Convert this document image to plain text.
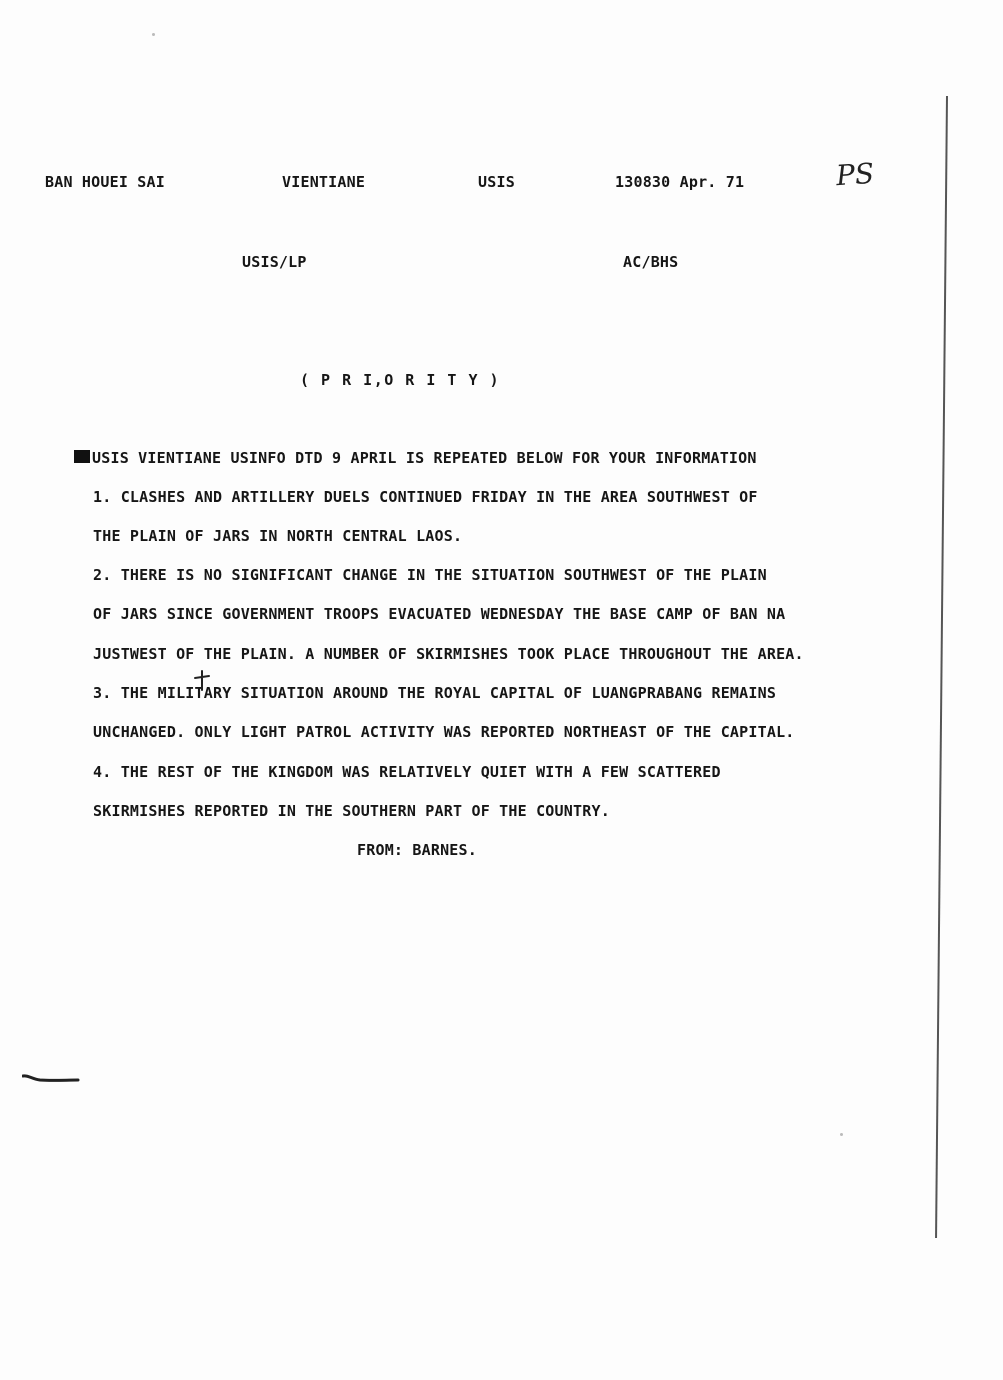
BAN HOUEI SAI	VIENTIANE	USIS	130830 Apr. 71	PS
USIS/LP	AC/BHS
( P R I,O R I T Y )
USIS VIENTIANE USINFO DTD 9 APRIL IS REPEATED BELOW FOR YOUR INFORMATION
1. CLASHES AND ARTILLERY DUELS CONTINUED FRIDAY IN THE AREA SOUTHWEST OF
THE PLAIN OF JARS IN NORTH CENTRAL LAOS.
2. THERE IS NO SIGNIFICANT CHANGE IN THE SITUATION SOUTHWEST OF THE PLAIN
OF JARS SINCE GOVERNMENT TROOPS EVACUATED WEDNESDAY THE BASE CAMP OF BAN NA
JUSTWEST OF THE PLAIN. A NUMBER OF SKIRMISHES TOOK PLACE THROUGHOUT THE AREA.
3. THE MILITARY SITUATION AROUND THE ROYAL CAPITAL OF LUANGPRABANG REMAINS
UNCHANGED. ONLY LIGHT PATROL ACTIVITY WAS REPORTED NORTHEAST OF THE CAPITAL.
4. THE REST OF THE KINGDOM WAS RELATIVELY QUIET WITH A FEW SCATTERED
SKIRMISHES REPORTED IN THE SOUTHERN PART OF THE COUNTRY.
FROM: BARNES.
